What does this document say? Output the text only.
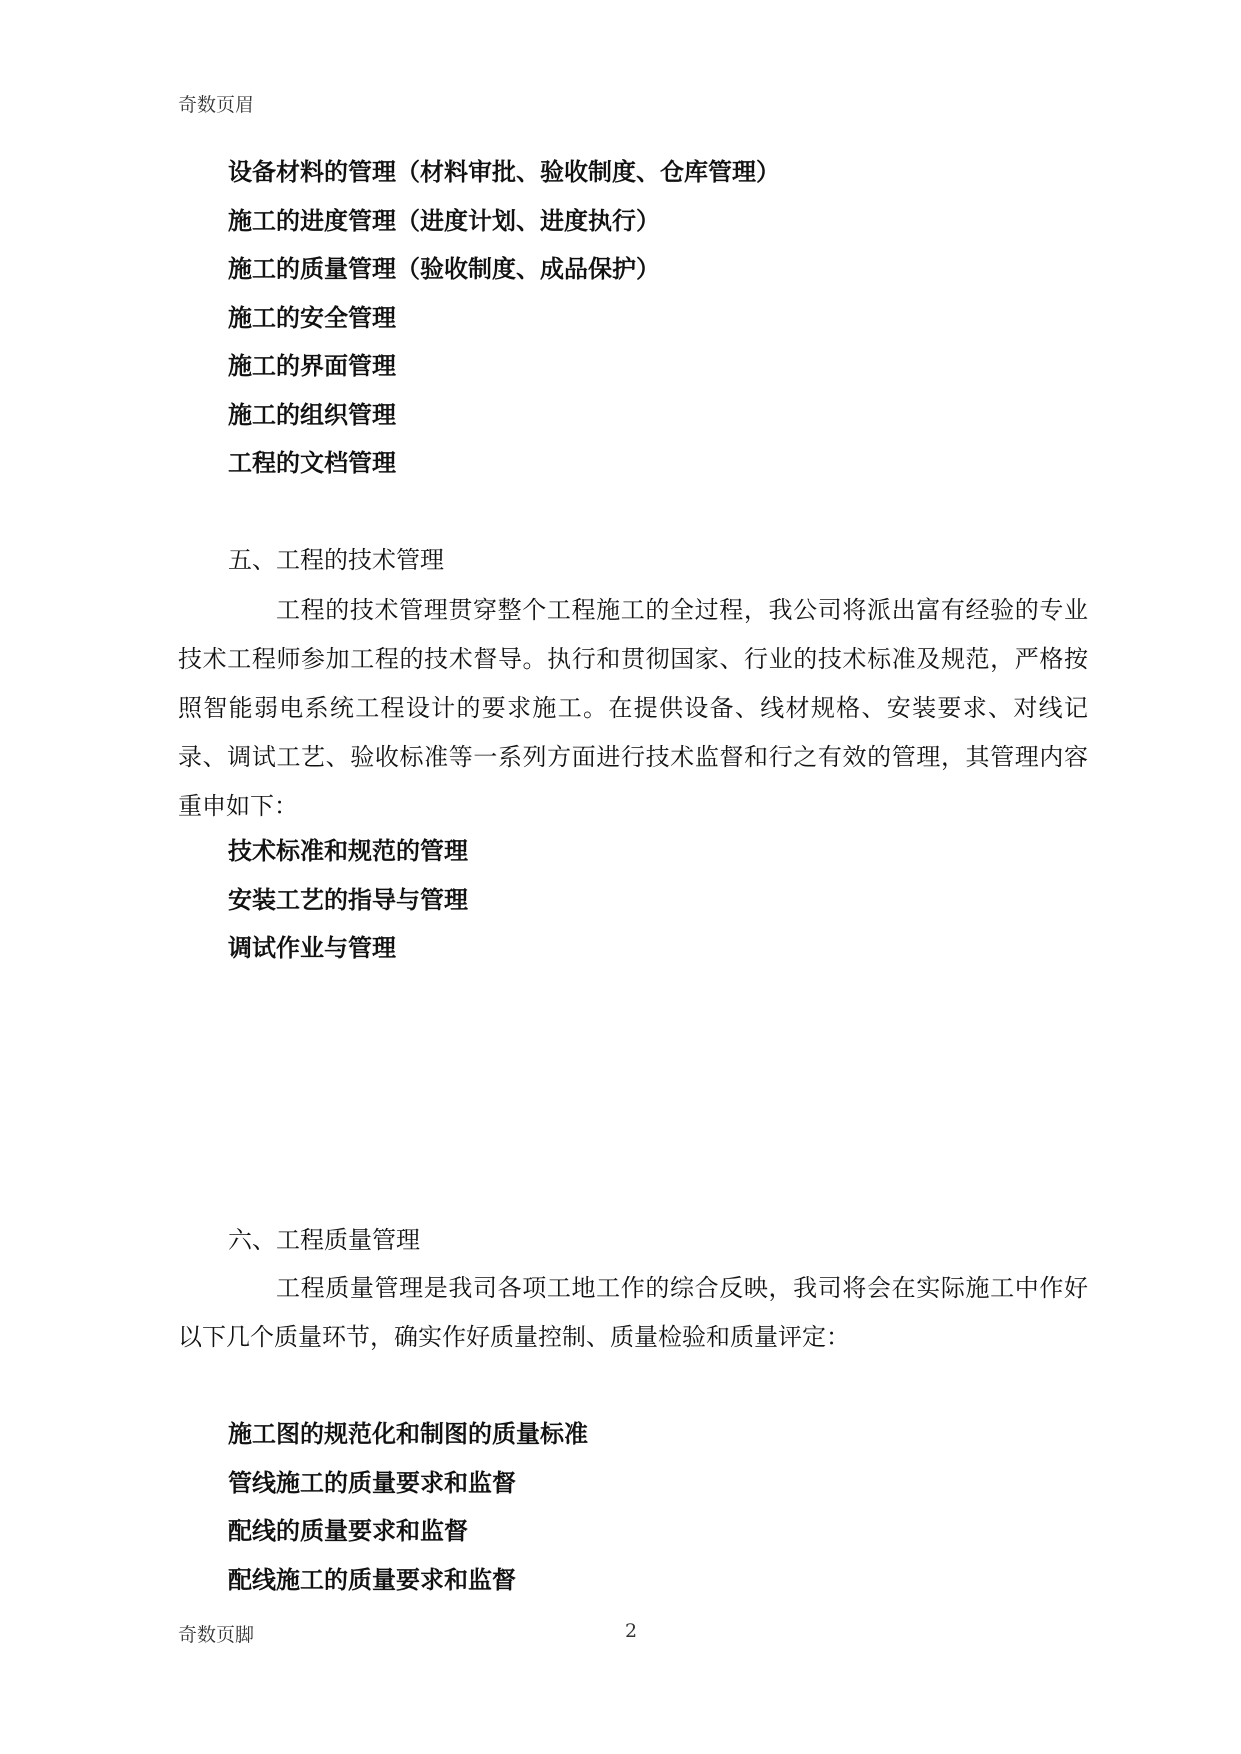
奇数页眉
设备材料的管理（材料审批、验收制度、仓库管理）
施工的进度管理（进度计划、进度执行）
施工的质量管理（验收制度、成品保护）
施工的安全管理
施工的界面管理
施工的组织管理
工程的文档管理
五、工程的技术管理

工程的技术管理贯穿整个工程施工的全过程，我公司将派出富有经验的专业技术工程师参加工程的技术督导。执行和贯彻国家、行业的技术标准及规范，严格按照智能弱电系统工程设计的要求施工。在提供设备、线材规格、安装要求、对线记录、调试工艺、验收标准等一系列方面进行技术监督和行之有效的管理，其管理内容重申如下：

技术标准和规范的管理
安装工艺的指导与管理
调试作业与管理
六、工程质量管理

工程质量管理是我司各项工地工作的综合反映，我司将会在实际施工中作好以下几个质量环节，确实作好质量控制、质量检验和质量评定：

施工图的规范化和制图的质量标准
管线施工的质量要求和监督
配线的质量要求和监督
配线施工的质量要求和监督
奇数页脚	2
